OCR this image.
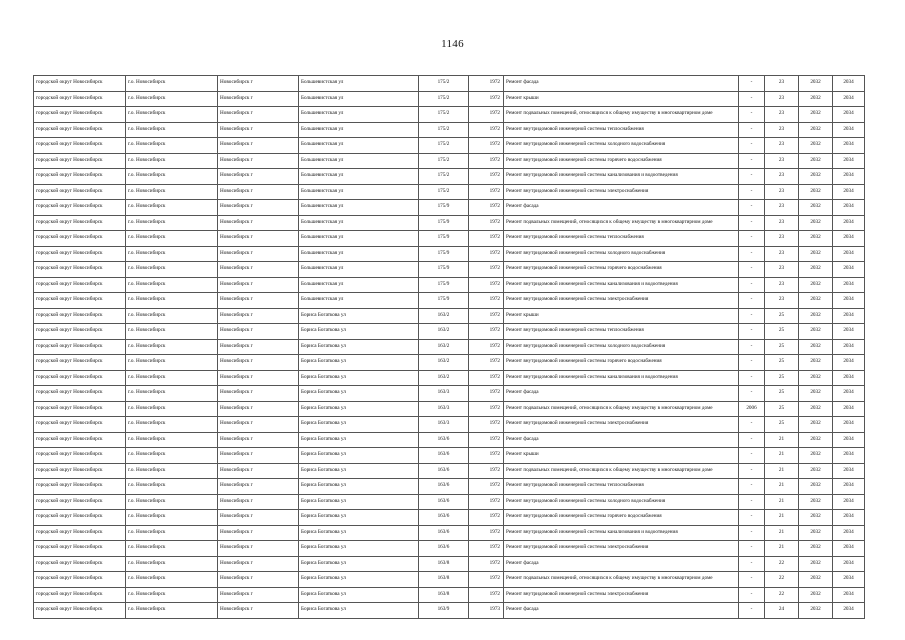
1146
городской округ Новосибирск	г.о. Новосибирск	Новосибирск г	Большевистская ул	175/2	1972	Ремонт фасада	-	23	2032	2034
городской округ Новосибирск	г.о. Новосибирск	Новосибирск г	Большевистская ул	175/2	1972	Ремонт крыши	-	23	2032	2034
городской округ Новосибирск	г.о. Новосибирск	Новосибирск г	Большевистская ул	175/2	1972	Ремонт подвальных помещений, относящихся к общему имуществу в многоквартирном доме	-	23	2032	2034
городской округ Новосибирск	г.о. Новосибирск	Новосибирск г	Большевистская ул	175/2	1972	Ремонт внутридомовой инженерной системы теплоснабжения	-	23	2032	2034
городской округ Новосибирск	г.о. Новосибирск	Новосибирск г	Большевистская ул	175/2	1972	Ремонт внутридомовой инженерной системы холодного водоснабжения	-	23	2032	2034
городской округ Новосибирск	г.о. Новосибирск	Новосибирск г	Большевистская ул	175/2	1972	Ремонт внутридомовой инженерной системы горячего водоснабжения	-	23	2032	2034
городской округ Новосибирск	г.о. Новосибирск	Новосибирск г	Большевистская ул	175/2	1972	Ремонт внутридомовой инженерной системы канализования и водоотведения	-	23	2032	2034
городской округ Новосибирск	г.о. Новосибирск	Новосибирск г	Большевистская ул	175/2	1972	Ремонт внутридомовой инженерной системы электроснабжения	-	23	2032	2034
городской округ Новосибирск	г.о. Новосибирск	Новосибирск г	Большевистская ул	175/9	1972	Ремонт фасада	-	23	2032	2034
городской округ Новосибирск	г.о. Новосибирск	Новосибирск г	Большевистская ул	175/9	1972	Ремонт подвальных помещений, относящихся к общему имуществу в многоквартирном доме	-	23	2032	2034
городской округ Новосибирск	г.о. Новосибирск	Новосибирск г	Большевистская ул	175/9	1972	Ремонт внутридомовой инженерной системы теплоснабжения	-	23	2032	2034
городской округ Новосибирск	г.о. Новосибирск	Новосибирск г	Большевистская ул	175/9	1972	Ремонт внутридомовой инженерной системы холодного водоснабжения	-	23	2032	2034
городской округ Новосибирск	г.о. Новосибирск	Новосибирск г	Большевистская ул	175/9	1972	Ремонт внутридомовой инженерной системы горячего водоснабжения	-	23	2032	2034
городской округ Новосибирск	г.о. Новосибирск	Новосибирск г	Большевистская ул	175/9	1972	Ремонт внутридомовой инженерной системы канализования и водоотведения	-	23	2032	2034
городской округ Новосибирск	г.о. Новосибирск	Новосибирск г	Большевистская ул	175/9	1972	Ремонт внутридомовой инженерной системы электроснабжения	-	23	2032	2034
городской округ Новосибирск	г.о. Новосибирск	Новосибирск г	Бориса Богаткова ул	163/2	1972	Ремонт крыши	-	25	2032	2034
городской округ Новосибирск	г.о. Новосибирск	Новосибирск г	Бориса Богаткова ул	163/2	1972	Ремонт внутридомовой инженерной системы теплоснабжения	-	25	2032	2034
городской округ Новосибирск	г.о. Новосибирск	Новосибирск г	Бориса Богаткова ул	163/2	1972	Ремонт внутридомовой инженерной системы холодного водоснабжения	-	25	2032	2034
городской округ Новосибирск	г.о. Новосибирск	Новосибирск г	Бориса Богаткова ул	163/2	1972	Ремонт внутридомовой инженерной системы горячего водоснабжения	-	25	2032	2034
городской округ Новосибирск	г.о. Новосибирск	Новосибирск г	Бориса Богаткова ул	163/2	1972	Ремонт внутридомовой инженерной системы канализования и водоотведения	-	25	2032	2034
городской округ Новосибирск	г.о. Новосибирск	Новосибирск г	Бориса Богаткова ул	163/3	1972	Ремонт фасада	-	25	2032	2034
городской округ Новосибирск	г.о. Новосибирск	Новосибирск г	Бориса Богаткова ул	163/3	1972	Ремонт подвальных помещений, относящихся к общему имуществу в многоквартирном доме	2006	25	2032	2034
городской округ Новосибирск	г.о. Новосибирск	Новосибирск г	Бориса Богаткова ул	163/3	1972	Ремонт внутридомовой инженерной системы электроснабжения	-	25	2032	2034
городской округ Новосибирск	г.о. Новосибирск	Новосибирск г	Бориса Богаткова ул	163/6	1972	Ремонт фасада	-	21	2032	2034
городской округ Новосибирск	г.о. Новосибирск	Новосибирск г	Бориса Богаткова ул	163/6	1972	Ремонт крыши	-	21	2032	2034
городской округ Новосибирск	г.о. Новосибирск	Новосибирск г	Бориса Богаткова ул	163/6	1972	Ремонт подвальных помещений, относящихся к общему имуществу в многоквартирном доме	-	21	2032	2034
городской округ Новосибирск	г.о. Новосибирск	Новосибирск г	Бориса Богаткова ул	163/6	1972	Ремонт внутридомовой инженерной системы теплоснабжения	-	21	2032	2034
городской округ Новосибирск	г.о. Новосибирск	Новосибирск г	Бориса Богаткова ул	163/6	1972	Ремонт внутридомовой инженерной системы холодного водоснабжения	-	21	2032	2034
городской округ Новосибирск	г.о. Новосибирск	Новосибирск г	Бориса Богаткова ул	163/6	1972	Ремонт внутридомовой инженерной системы горячего водоснабжения	-	21	2032	2034
городской округ Новосибирск	г.о. Новосибирск	Новосибирск г	Бориса Богаткова ул	163/6	1972	Ремонт внутридомовой инженерной системы канализования и водоотведения	-	21	2032	2034
городской округ Новосибирск	г.о. Новосибирск	Новосибирск г	Бориса Богаткова ул	163/6	1972	Ремонт внутридомовой инженерной системы электроснабжения	-	21	2032	2034
городской округ Новосибирск	г.о. Новосибирск	Новосибирск г	Бориса Богаткова ул	163/8	1972	Ремонт фасада	-	22	2032	2034
городской округ Новосибирск	г.о. Новосибирск	Новосибирск г	Бориса Богаткова ул	163/8	1972	Ремонт подвальных помещений, относящихся к общему имуществу в многоквартирном доме	-	22	2032	2034
городской округ Новосибирск	г.о. Новосибирск	Новосибирск г	Бориса Богаткова ул	163/8	1972	Ремонт внутридомовой инженерной системы электроснабжения	-	22	2032	2034
городской округ Новосибирск	г.о. Новосибирск	Новосибирск г	Бориса Богаткова ул	163/9	1973	Ремонт фасада	-	24	2032	2034
